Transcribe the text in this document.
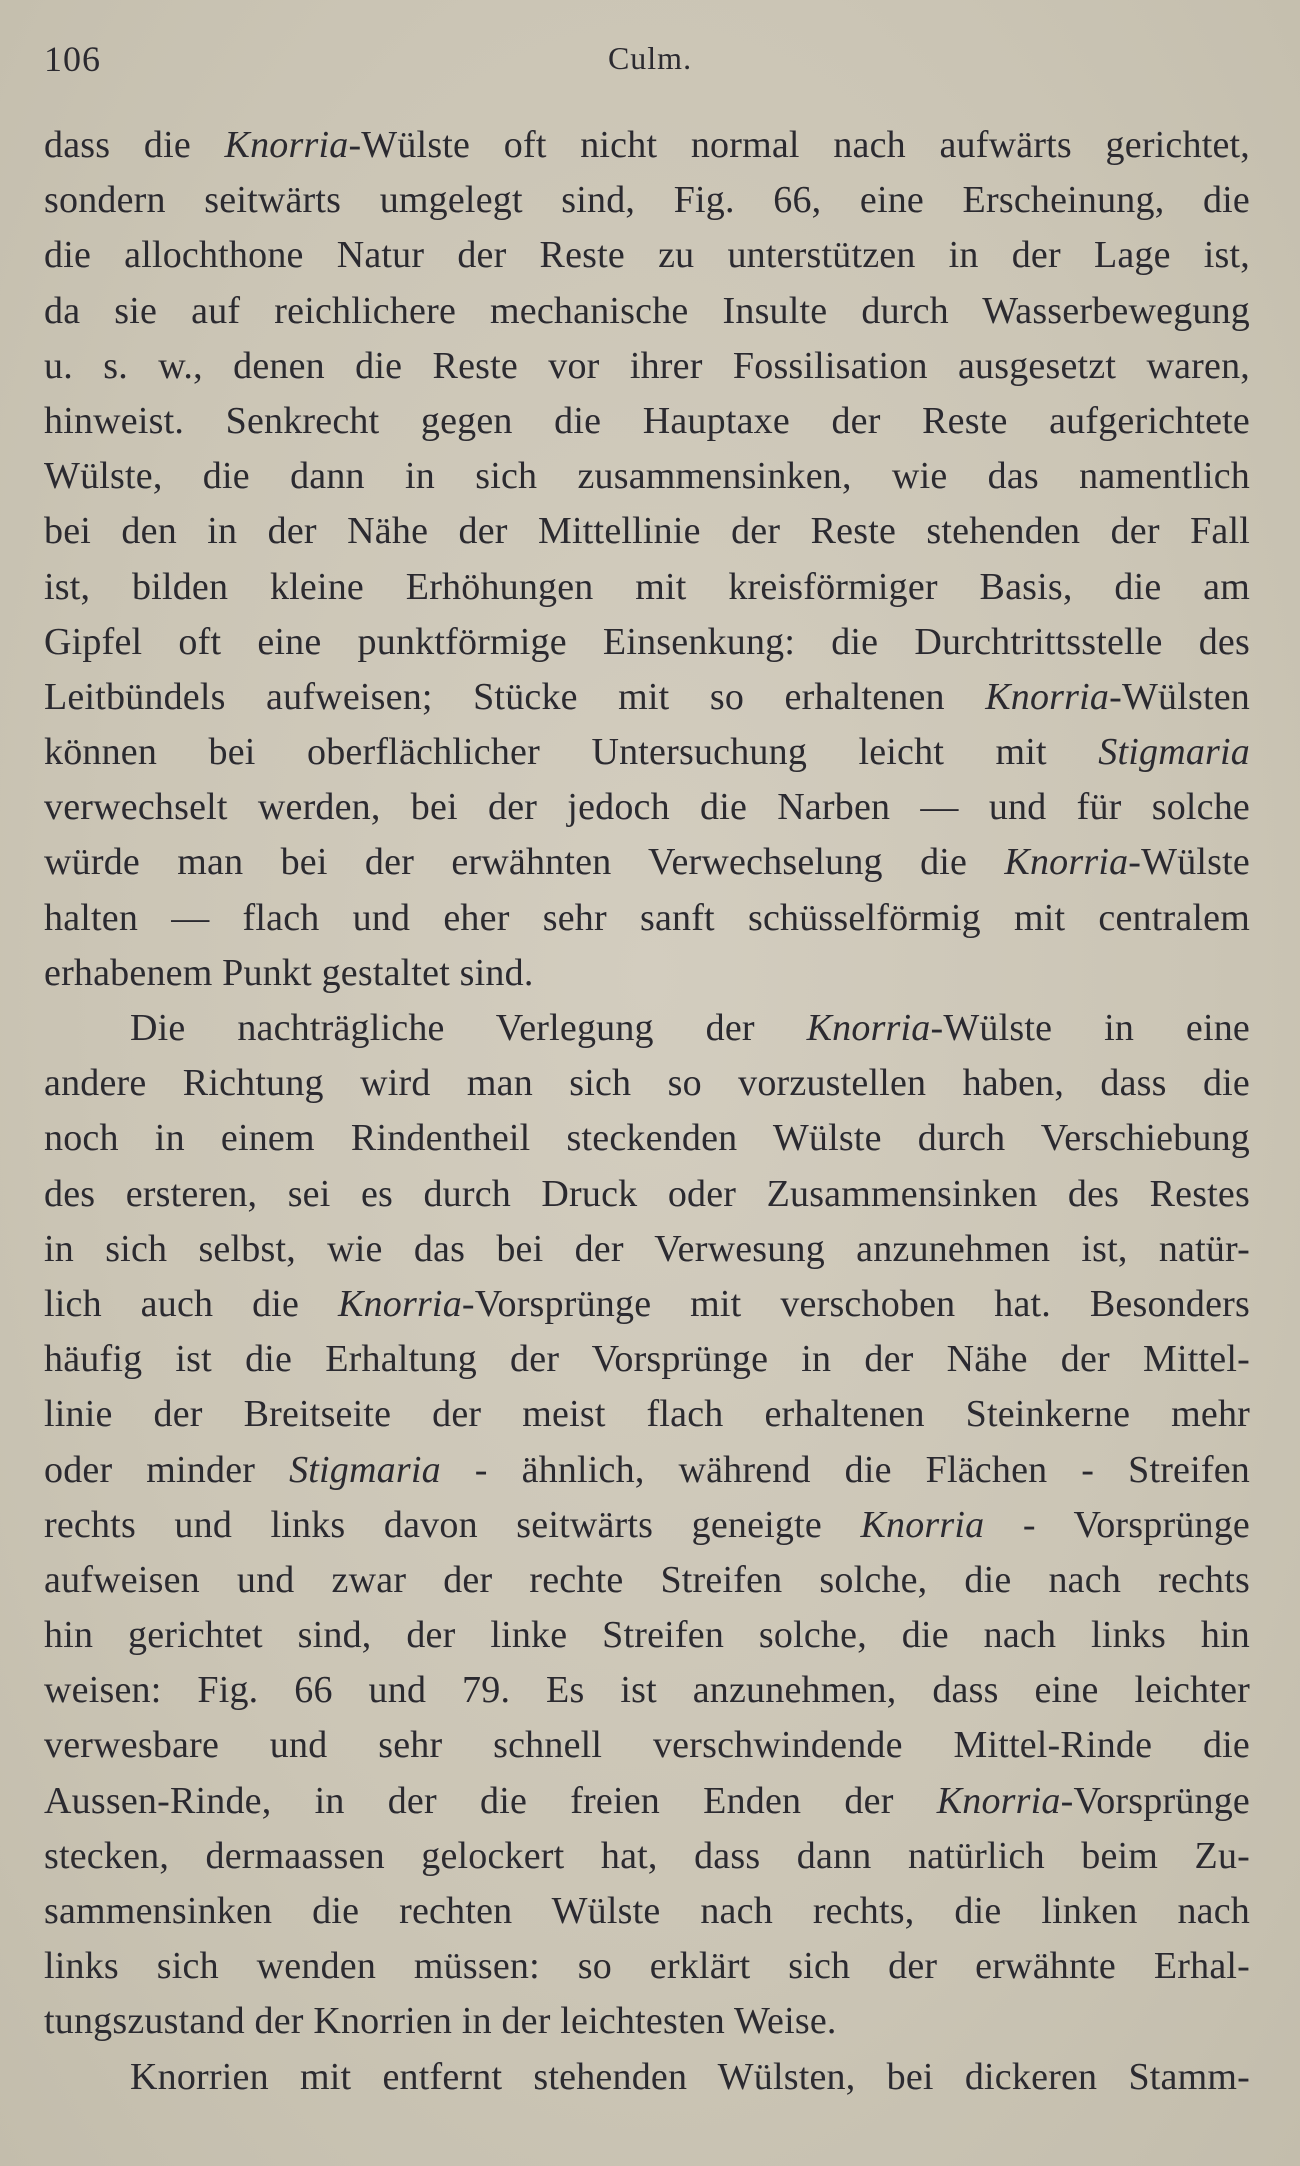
106	Culm.
dass die Knorria-Wülste oft nicht normal nach aufwärts gerichtet,
sondern seitwärts umgelegt sind, Fig. 66, eine Erscheinung, die
die allochthone Natur der Reste zu unterstützen in der Lage ist,
da sie auf reichlichere mechanische Insulte durch Wasserbewegung
u. s. w., denen die Reste vor ihrer Fossilisation ausgesetzt waren,
hinweist. Senkrecht gegen die Hauptaxe der Reste aufgerichtete
Wülste, die dann in sich zusammensinken, wie das namentlich
bei den in der Nähe der Mittellinie der Reste stehenden der Fall
ist, bilden kleine Erhöhungen mit kreisförmiger Basis, die am
Gipfel oft eine punktförmige Einsenkung: die Durchtrittsstelle des
Leitbündels aufweisen; Stücke mit so erhaltenen Knorria-Wülsten
können bei oberflächlicher Untersuchung leicht mit Stigmaria
verwechselt werden, bei der jedoch die Narben — und für solche
würde man bei der erwähnten Verwechselung die Knorria-Wülste
halten — flach und eher sehr sanft schüsselförmig mit centralem
erhabenem Punkt gestaltet sind.
Die nachträgliche Verlegung der Knorria-Wülste in eine
andere Richtung wird man sich so vorzustellen haben, dass die
noch in einem Rindentheil steckenden Wülste durch Verschiebung
des ersteren, sei es durch Druck oder Zusammensinken des Restes
in sich selbst, wie das bei der Verwesung anzunehmen ist, natür-
lich auch die Knorria-Vorsprünge mit verschoben hat. Besonders
häufig ist die Erhaltung der Vorsprünge in der Nähe der Mittel-
linie der Breitseite der meist flach erhaltenen Steinkerne mehr
oder minder Stigmaria - ähnlich, während die Flächen - Streifen
rechts und links davon seitwärts geneigte Knorria - Vorsprünge
aufweisen und zwar der rechte Streifen solche, die nach rechts
hin gerichtet sind, der linke Streifen solche, die nach links hin
weisen: Fig. 66 und 79. Es ist anzunehmen, dass eine leichter
verwesbare und sehr schnell verschwindende Mittel-Rinde die
Aussen-Rinde, in der die freien Enden der Knorria-Vorsprünge
stecken, dermaassen gelockert hat, dass dann natürlich beim Zu-
sammensinken die rechten Wülste nach rechts, die linken nach
links sich wenden müssen: so erklärt sich der erwähnte Erhal-
tungszustand der Knorrien in der leichtesten Weise.
Knorrien mit entfernt stehenden Wülsten, bei dickeren Stamm-
